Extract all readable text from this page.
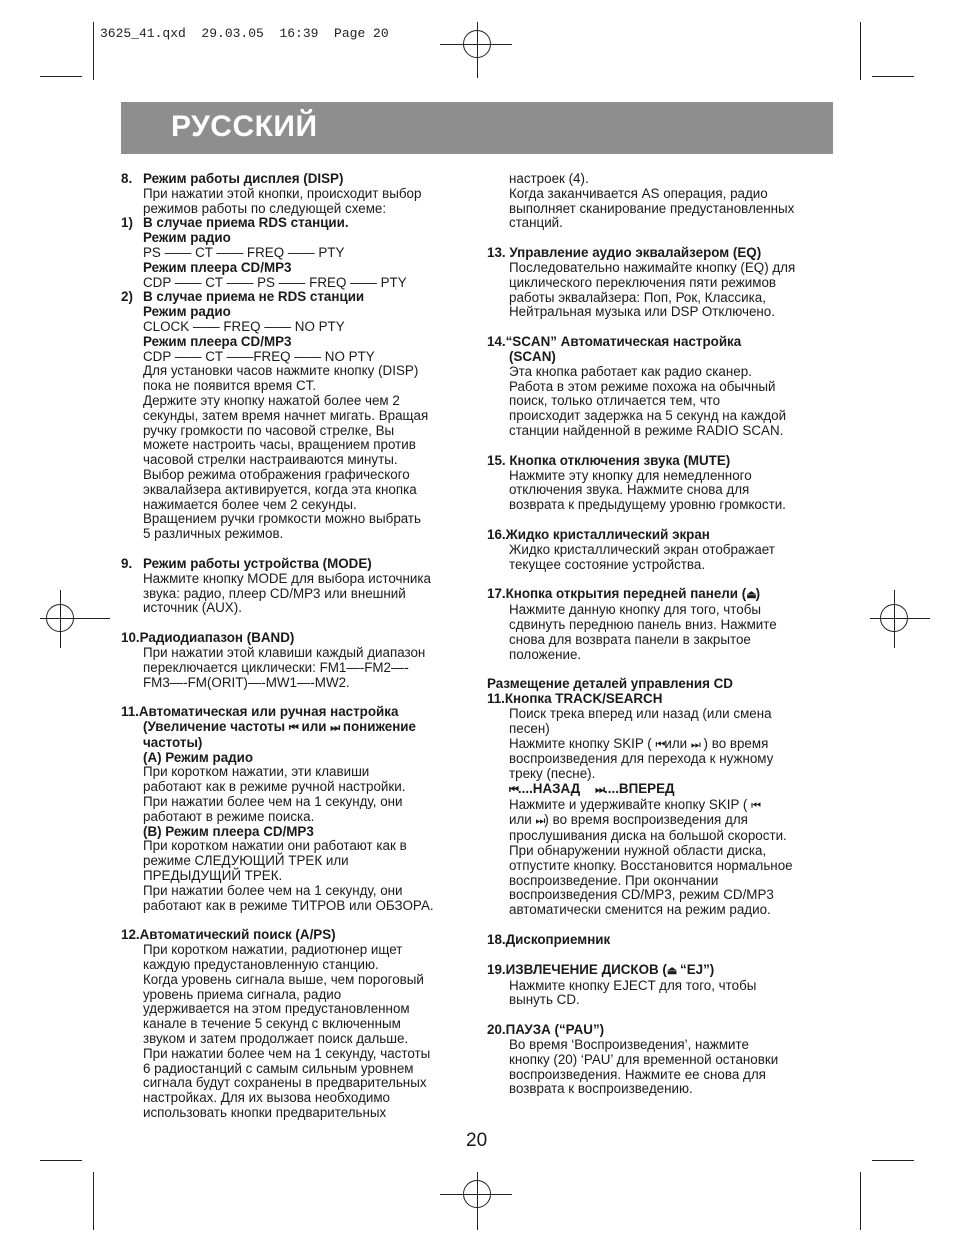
3625_41.qxd  29.03.05  16:39  Page 20
РУССКИЙ
8. Режим работы дисплея (DISP)
При нажатии этой кнопки, происходит выбор
режимов работы по следующей схеме:
1) В случае приема RDS станции.
Режим радио
PS —— CT —— FREQ —— PTY
Режим плеера CD/MP3
CDP —— CT —— PS —— FREQ —— PTY
2) В случае приема не RDS станции
Режим радио
CLOCK —— FREQ —— NO PTY
Режим плеера CD/MP3
CDP —— CT ——FREQ —— NO PTY
Для установки часов нажмите кнопку (DISP)
пока не появится время CT.
Держите эту кнопку нажатой более чем 2
секунды, затем время начнет мигать. Вращая
ручку громкости по часовой стрелке, Вы
можете настроить часы, вращением против
часовой стрелки настраиваются минуты.
Выбор режима отображения графического
эквалайзера активируется, когда эта кнопка
нажимается более чем 2 секунды.
Вращением ручки громкости можно выбрать
5 различных режимов.
9. Режим работы устройства (MODE)
Нажмите кнопку MODE для выбора источника
звука: радио, плеер CD/MP3 или внешний
источник (AUX).
10.Радиодиапазон (BAND)
При нажатии этой клавиши каждый диапазон
переключается циклически: FM1—-FM2—-
FM3—-FM(ORIT)—-MW1—-MW2.
11.Автоматическая или ручная настройка
(Увеличение частоты ⏮ или ⏭ понижение
частоты)
(А) Режим радио
При коротком нажатии, эти клавиши
работают как в режиме ручной настройки.
При нажатии более чем на 1 секунду, они
работают в режиме поиска.
(В) Режим плеера CD/MP3
При коротком нажатии они работают как в
режиме СЛЕДУЮЩИЙ ТРЕК или
ПРЕДЫДУЩИЙ ТРЕК.
При нажатии более чем на 1 секунду, они
работают как в режиме ТИТРОВ или ОБЗОРА.
12.Автоматический поиск (A/PS)
При коротком нажатии, радиотюнер ищет
каждую предустановленную станцию.
Когда уровень сигнала выше, чем пороговый
уровень приема сигнала, радио
удерживается на этом предустановленном
канале в течение 5 секунд с включенным
звуком и затем продолжает поиск дальше.
При нажатии более чем на 1 секунду, частоты
6 радиостанций с самым сильным уровнем
сигнала будут сохранены в предварительных
настройках. Для их вызова необходимо
использовать кнопки предварительных
настроек (4).
Когда заканчивается AS операция, радио
выполняет сканирование предустановленных
станций.
13. Управление аудио эквалайзером (EQ)
Последовательно нажимайте кнопку (EQ) для
циклического переключения пяти режимов
работы эквалайзера: Поп, Рок, Классика,
Нейтральная музыка или DSP Отключено.
14.“SCAN” Автоматическая настройка
(SCAN)
Эта кнопка работает как радио сканер.
Работа в этом режиме похожа на обычный
поиск, только отличается тем, что
происходит задержка на 5 секунд на каждой
станции найденной в режиме RADIO SCAN.
15. Кнопка отключения звука (MUTE)
Нажмите эту кнопку для немедленного
отключения звука. Нажмите снова для
возврата к предыдущему уровню громкости.
16.Жидко кристаллический экран
Жидко кристаллический экран отображает
текущее состояние устройства.
17.Кнопка открытия передней панели (⏏)
Нажмите данную кнопку для того, чтобы
сдвинуть переднюю панель вниз. Нажмите
снова для возврата панели в закрытое
положение.
Размещение деталей управления CD
11.Кнопка TRACK/SEARCH
Поиск трека вперед или назад (или смена
песен)
Нажмите кнопку SKIP ( ⏮или ⏭ ) во время
воспроизведения для перехода к нужному
треку (песне).
⏮....НАЗАД ⏭....ВПЕРЕД
Нажмите и удерживайте кнопку SKIP ( ⏮
или ⏭) во время воспроизведения для
прослушивания диска на большой скорости.
При обнаружении нужной области диска,
отпустите кнопку. Восстановится нормальное
воспроизведение. При окончании
воспроизведения CD/MP3, режим CD/MP3
автоматически сменится на режим радио.
18.Дископриемник
19.ИЗВЛЕЧЕНИЕ ДИСКОВ (⏏ “EJ”)
Нажмите кнопку EJECT для того, чтобы
вынуть CD.
20.ПАУЗА (“PAU”)
Во время ‘Воспроизведения’, нажмите
кнопку (20) ‘PAU’ для временной остановки
воспроизведения. Нажмите ее снова для
возврата к воспроизведению.
20
